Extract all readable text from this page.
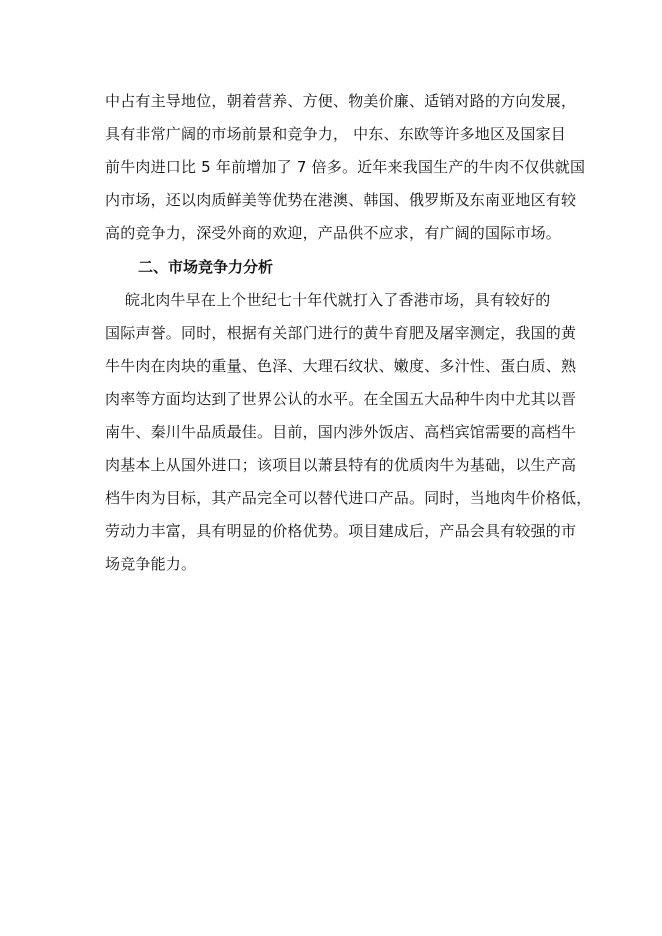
中占有主导地位，朝着营养、方便、物美价廉、适销对路的方向发展，
具有非常广阔的市场前景和竞争力， 中东、东欧等许多地区及国家目
前牛肉进口比 5 年前增加了 7 倍多。近年来我国生产的牛肉不仅供就国
内市场，还以肉质鲜美等优势在港澳、韩国、俄罗斯及东南亚地区有较
高的竞争力，深受外商的欢迎，产品供不应求，有广阔的国际市场。
二、市场竞争力分析
皖北肉牛早在上个世纪七十年代就打入了香港市场，具有较好的
国际声誉。同时，根据有关部门进行的黄牛育肥及屠宰测定，我国的黄
牛牛肉在肉块的重量、色泽、大理石纹状、嫩度、多汁性、蛋白质、熟
肉率等方面均达到了世界公认的水平。在全国五大品种牛肉中尤其以晋
南牛、秦川牛品质最佳。目前，国内涉外饭店、高档宾馆需要的高档牛
肉基本上从国外进口；该项目以萧县特有的优质肉牛为基础，以生产高
档牛肉为目标，其产品完全可以替代进口产品。同时，当地肉牛价格低，
劳动力丰富，具有明显的价格优势。项目建成后，产品会具有较强的市
场竞争能力。
